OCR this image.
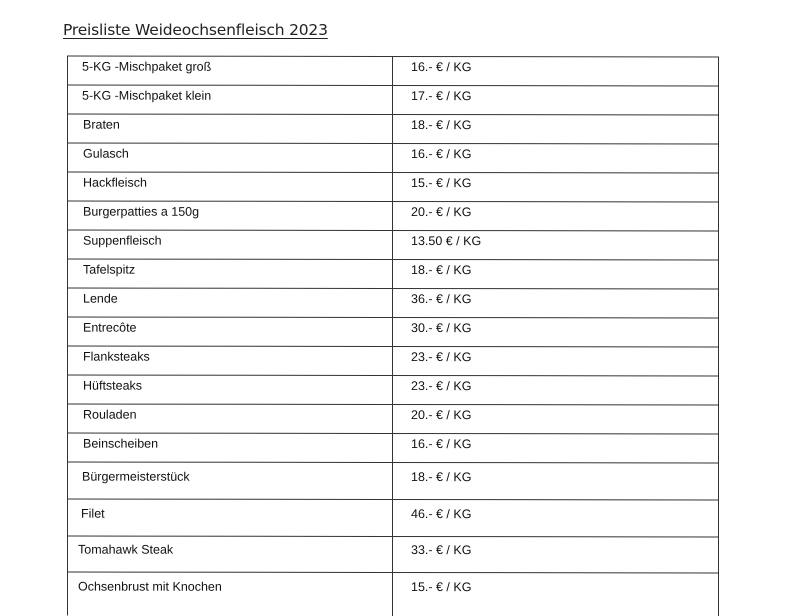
Preisliste Weideochsenfleisch 2023
5-KG -Mischpaket groß	16.- € / KG
5-KG -Mischpaket klein	17.- € / KG
Braten	18.- € / KG
Gulasch	16.- € / KG
Hackfleisch	15.- € / KG
Burgerpatties a 150g	20.- € / KG
Suppenfleisch	13.50 € / KG
Tafelspitz	18.- € / KG
Lende	36.- € / KG
Entrecôte	30.- € / KG
Flanksteaks	23.- € / KG
Hüftsteaks	23.- € / KG
Rouladen	20.- € / KG
Beinscheiben	16.- € / KG
Bürgermeisterstück	18.- € / KG
Filet	46.- € / KG
Tomahawk Steak	33.- € / KG
Ochsenbrust mit Knochen	15.- € / KG
